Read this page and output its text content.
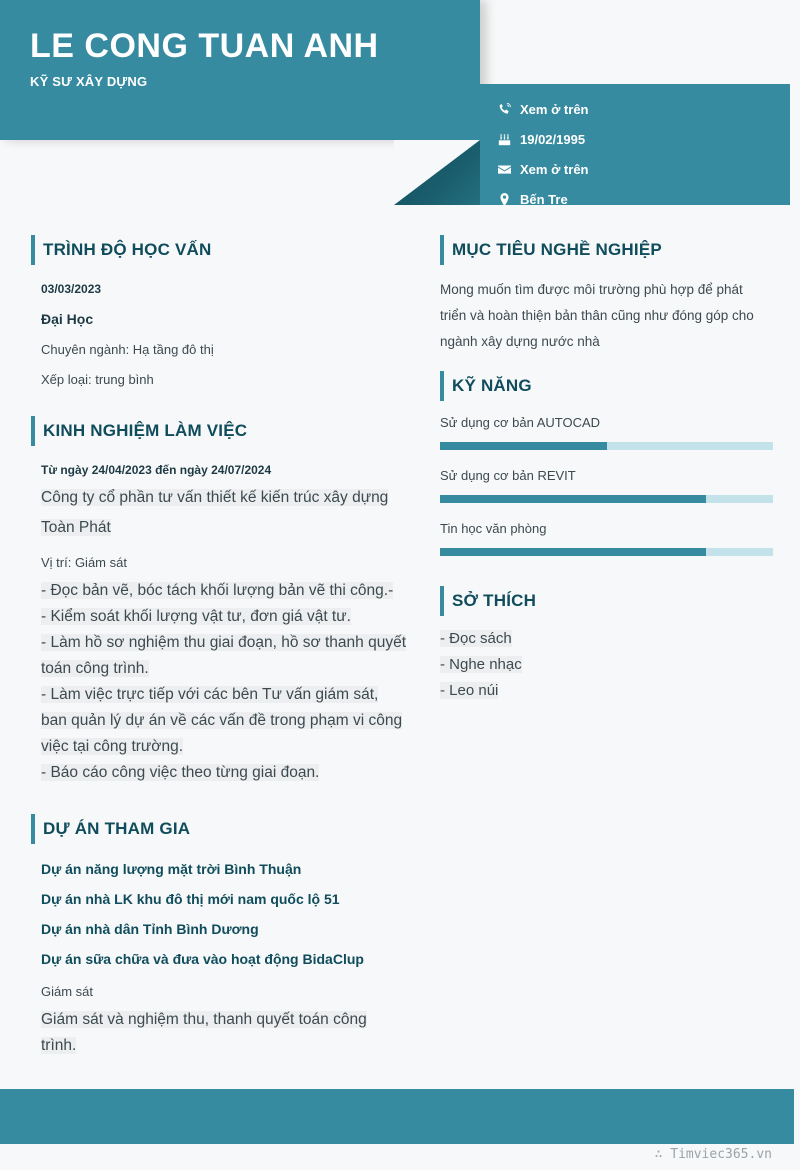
LE CONG TUAN ANH
KỸ SƯ XÂY DỰNG
Xem ở trên
19/02/1995
Xem ở trên
Bến Tre
TRÌNH ĐỘ HỌC VẤN
03/03/2023
Đại Học
Chuyên ngành: Hạ tầng đô thị
Xếp loại: trung bình
KINH NGHIỆM LÀM VIỆC
Từ ngày 24/04/2023 đến ngày 24/07/2024
Công ty cổ phần tư vấn thiết kế kiến trúc xây dựng
Toàn Phát
Vị trí: Giám sát
- Đọc bản vẽ, bóc tách khối lượng bản vẽ thi công.-
- Kiểm soát khối lượng vật tư, đơn giá vật tư.
- Làm hồ sơ nghiệm thu giai đoạn, hồ sơ thanh quyết
toán công trình.
- Làm việc trực tiếp với các bên Tư vấn giám sát,
ban quản lý dự án về các vấn đề trong phạm vi công
việc tại công trường.
- Báo cáo công việc theo từng giai đoạn.
DỰ ÁN THAM GIA
Dự án năng lượng mặt trời Bình Thuận
Dự án nhà LK khu đô thị mới nam quốc lộ 51
Dự án nhà dân Tỉnh Bình Dương
Dự án sữa chữa và đưa vào hoạt động BidaClup
Giám sát
Giám sát và nghiệm thu, thanh quyết toán công
trình.
MỤC TIÊU NGHỀ NGHIỆP
Mong muốn tìm được môi trường phù hợp để phát
triển và hoàn thiện bản thân cũng như đóng góp cho
ngành xây dựng nước nhà
KỸ NĂNG
Sử dụng cơ bản AUTOCAD
Sử dụng cơ bản REVIT
Tin học văn phòng
SỞ THÍCH
- Đọc sách
- Nghe nhạc
- Leo núi
∴ Timviec365.vn
